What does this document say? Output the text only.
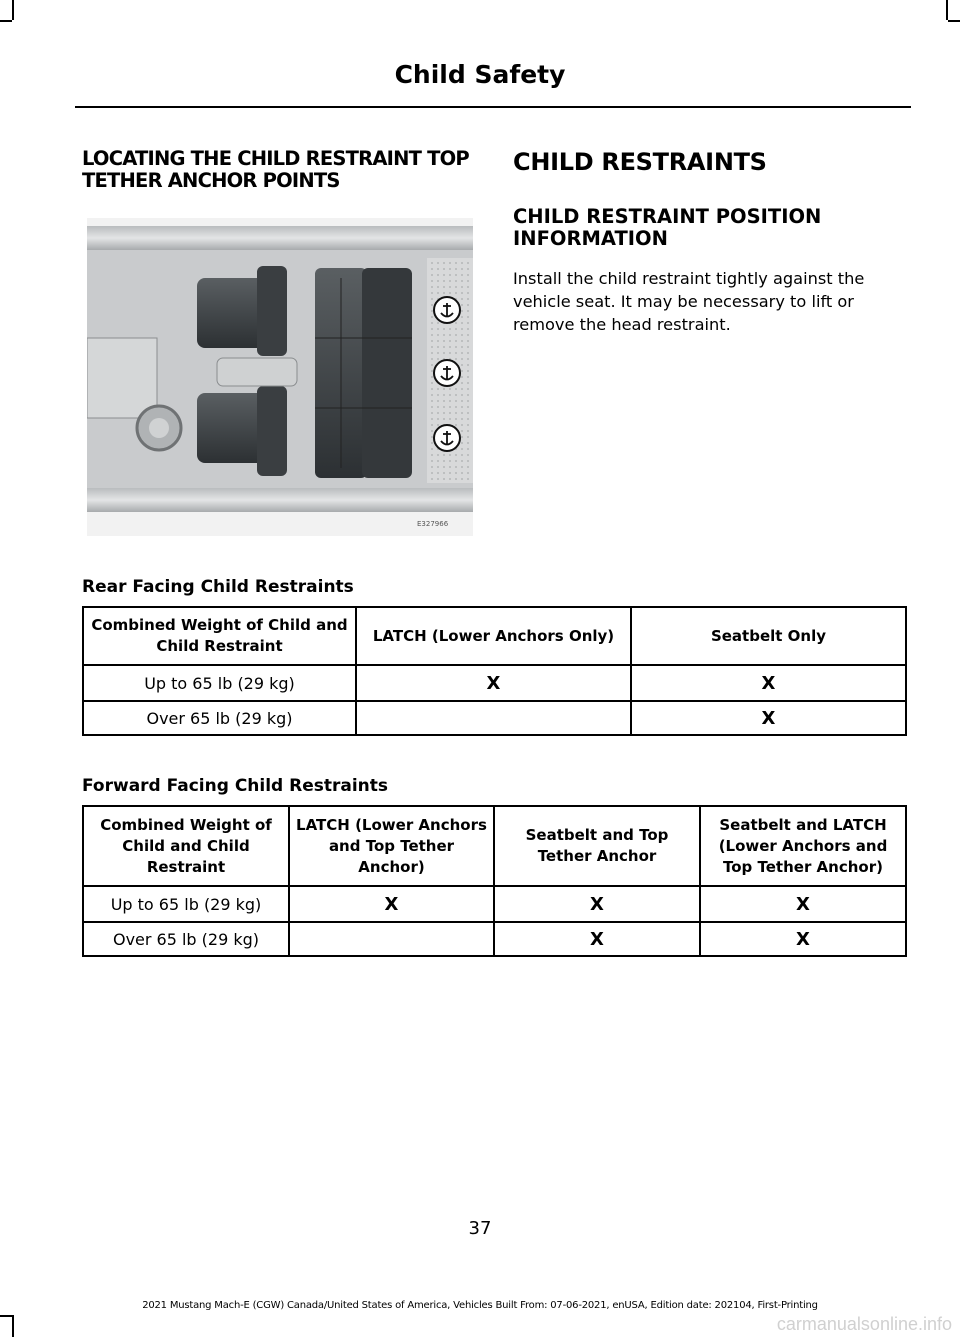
Child Safety
LOCATING THE CHILD RESTRAINT TOP TETHER ANCHOR POINTS
CHILD RESTRAINTS
CHILD RESTRAINT POSITION INFORMATION
Install the child restraint tightly against the vehicle seat. It may be necessary to lift or remove the head restraint.
E327966
Rear Facing Child Restraints
Combined Weight of Child and Child Restraint	LATCH (Lower Anchors Only)	Seatbelt Only
Up to 65 lb (29 kg)	X	X
Over 65 lb (29 kg)		X
Forward Facing Child Restraints
Combined Weight of Child and Child Restraint	LATCH (Lower Anchors and Top Tether Anchor)	Seatbelt and Top Tether Anchor	Seatbelt and LATCH (Lower Anchors and Top Tether Anchor)
Up to 65 lb (29 kg)	X	X	X
Over 65 lb (29 kg)		X	X
37
2021 Mustang Mach-E (CGW) Canada/United States of America, Vehicles Built From: 07-06-2021, enUSA, Edition date: 202104, First-Printing
carmanualsonline.info
